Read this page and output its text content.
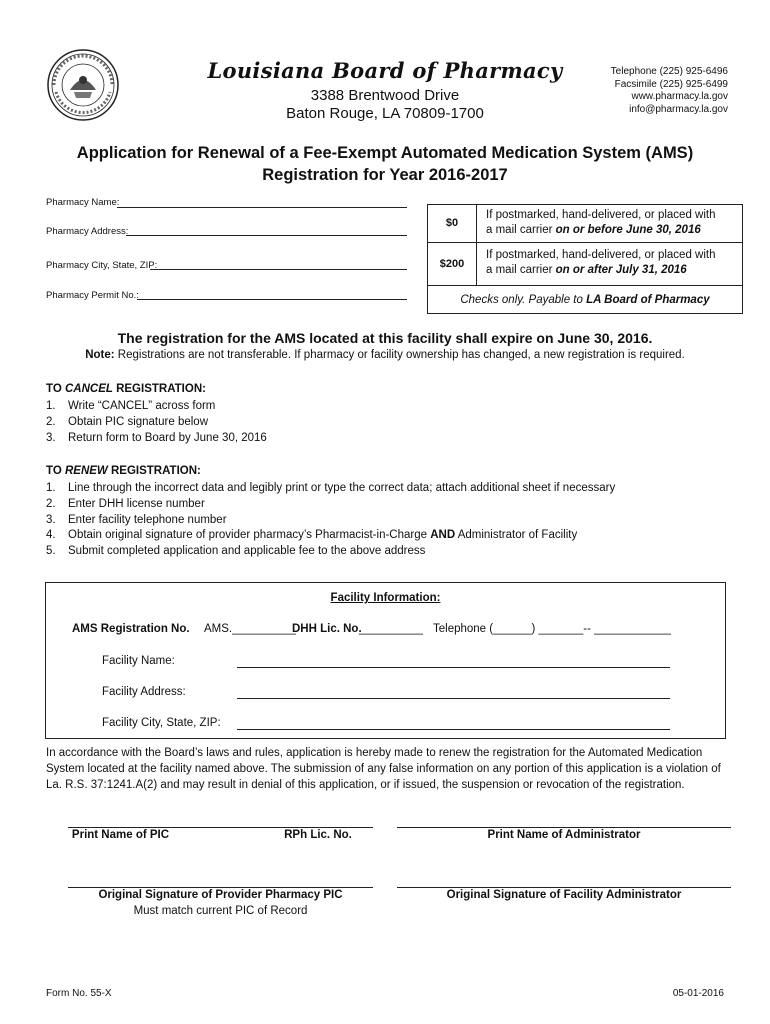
Louisiana Board of Pharmacy
3388 Brentwood Drive
Baton Rouge, LA 70809-1700
Telephone (225) 925-6496
Facsimile (225) 925-6499
www.pharmacy.la.gov
info@pharmacy.la.gov
Application for Renewal of a Fee-Exempt Automated Medication System (AMS)
Registration for Year 2016-2017
Pharmacy Name:
Pharmacy Address:
Pharmacy City, State, ZIP:
Pharmacy Permit No.:
$0
If postmarked, hand-delivered, or placed with
a mail carrier on or before June 30, 2016
$200
If postmarked, hand-delivered, or placed with
a mail carrier on or after July 31, 2016
Checks only. Payable to LA Board of Pharmacy
The registration for the AMS located at this facility shall expire on June 30, 2016.
Note: Registrations are not transferable. If pharmacy or facility ownership has changed, a new registration is required.
TO CANCEL REGISTRATION:
1. Write “CANCEL” across form
2. Obtain PIC signature below
3. Return form to Board by June 30, 2016
TO RENEW REGISTRATION:
1. Line through the incorrect data and legibly print or type the correct data; attach additional sheet if necessary
2. Enter DHH license number
3. Enter facility telephone number
4. Obtain original signature of provider pharmacy’s Pharmacist-in-Charge AND Administrator of Facility
5. Submit completed application and applicable fee to the above address
Facility Information:
AMS Registration No. AMS.__________
DHH Lic. No.
__________ Telephone (______) _______-- ____________
Facility Name:
Facility Address:
Facility City, State, ZIP:
In accordance with the Board’s laws and rules, application is hereby made to renew the registration for the Automated Medication System located at the facility named above. The submission of any false information on any portion of this application is a violation of La. R.S. 37:1241.A(2) and may result in denial of this application, or if issued, the suspension or revocation of the registration.
Print Name of PIC	RPh Lic. No.	Print Name of Administrator
Original Signature of Provider Pharmacy PIC
Must match current PIC of Record
Original Signature of Facility Administrator
Form No. 55-X	05-01-2016
